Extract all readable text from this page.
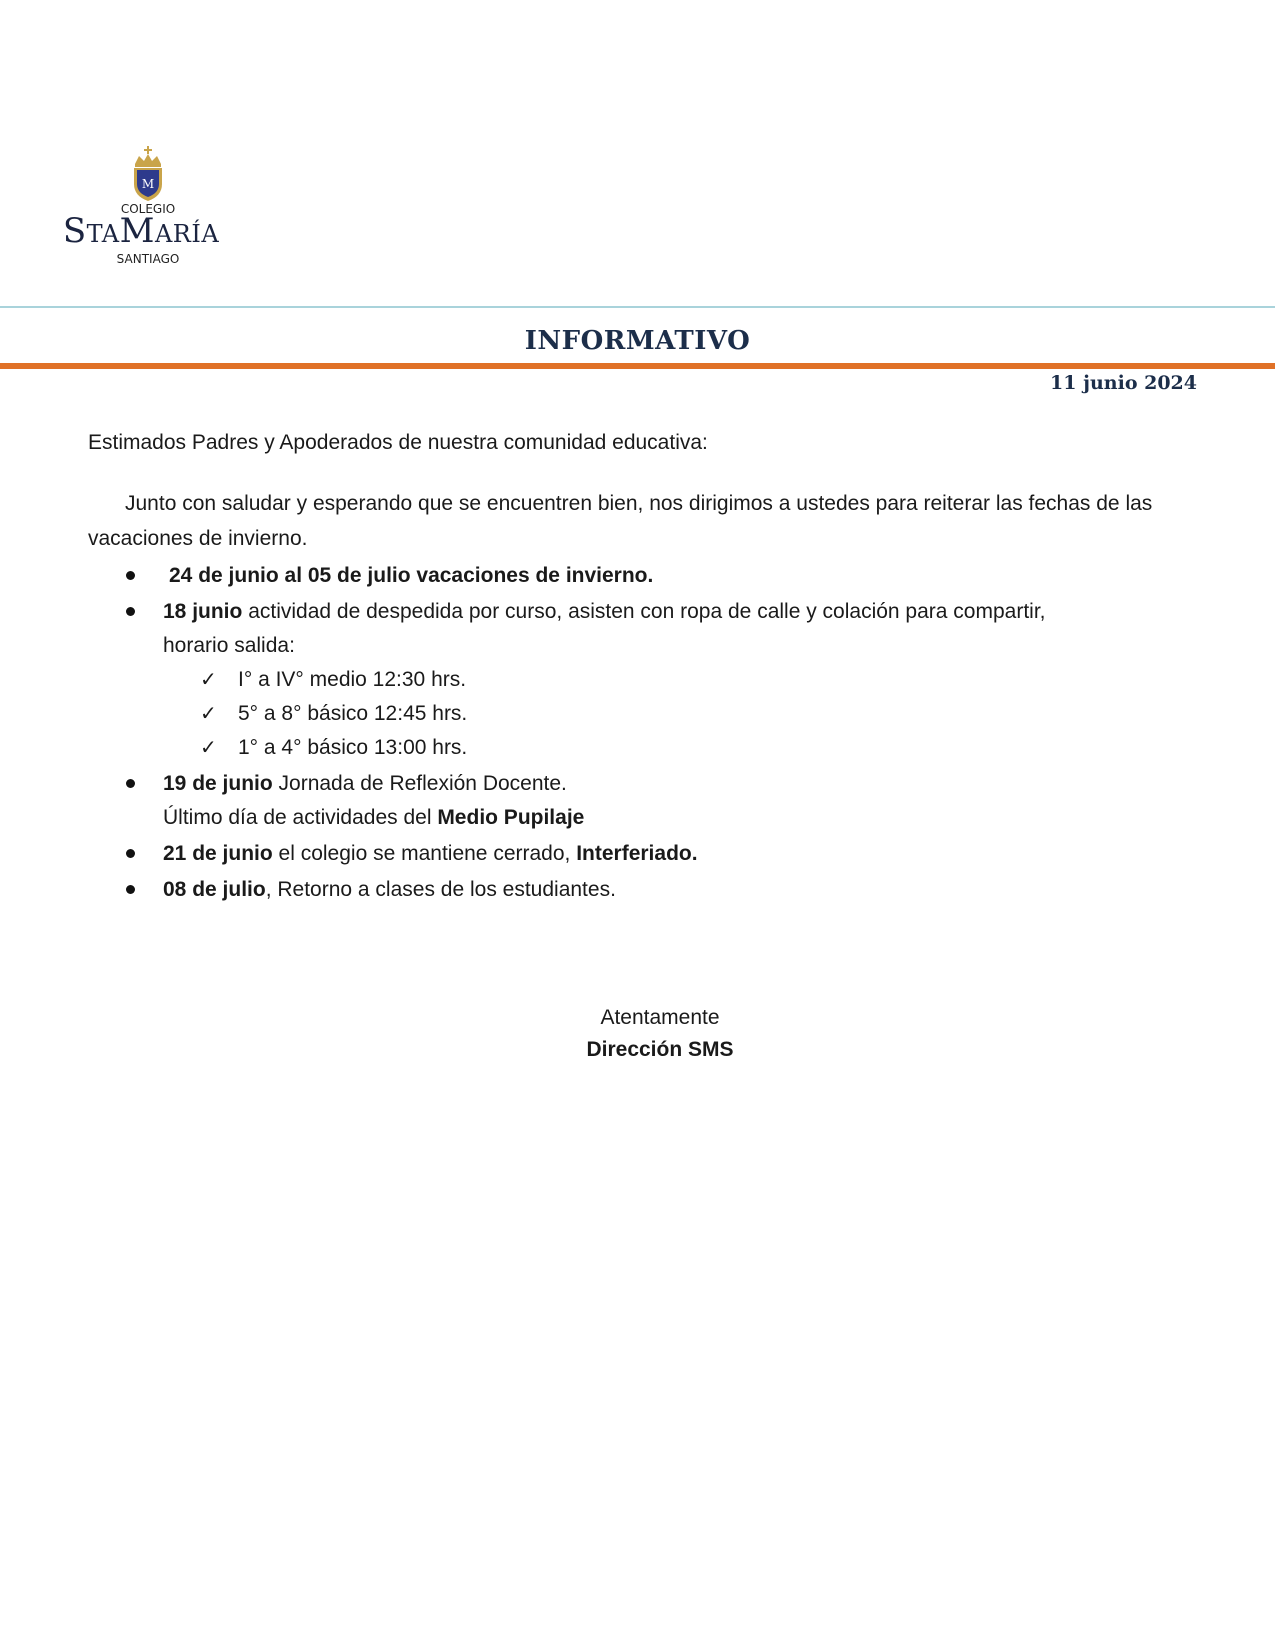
M
COLEGIO
STAMARÍA
SANTIAGO
INFORMATIVO
11 junio 2024
Estimados Padres y Apoderados de nuestra comunidad educativa:
Junto con saludar y esperando que se encuentren bien, nos dirigimos a ustedes para reiterar las fechas de las vacaciones de invierno.
24 de junio al 05 de julio vacaciones de invierno.
18 junio actividad de despedida por curso, asisten con ropa de calle y colación para compartir,
horario salida:
✓ I° a IV° medio 12:30 hrs.
✓ 5° a 8° básico 12:45 hrs.
✓ 1° a 4° básico 13:00 hrs.
19 de junio Jornada de Reflexión Docente.
Último día de actividades del Medio Pupilaje
21 de junio el colegio se mantiene cerrado, Interferiado.
08 de julio, Retorno a clases de los estudiantes.
Atentamente
Dirección SMS
